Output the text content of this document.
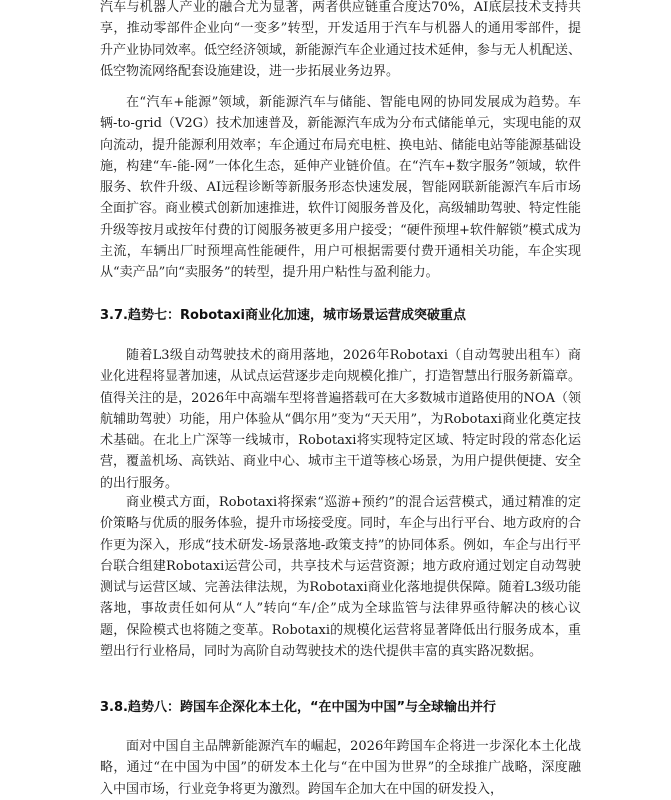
汽车与机器人产业的融合尤为显著，两者供应链重合度达70%，AI底层技术支持共享，推动零部件企业向“一变多”转型，开发适用于汽车与机器人的通用零部件，提升产业协同效率。低空经济领域，新能源汽车企业通过技术延伸，参与无人机配送、低空物流网络配套设施建设，进一步拓展业务边界。

在“汽车+能源”领域，新能源汽车与储能、智能电网的协同发展成为趋势。车辆-to-grid（V2G）技术加速普及，新能源汽车成为分布式储能单元，实现电能的双向流动，提升能源利用效率；车企通过布局充电桩、换电站、储能电站等能源基础设施，构建“车-能-网”一体化生态，延伸产业链价值。在“汽车+数字服务”领域，软件服务、软件升级、AI远程诊断等新服务形态快速发展，智能网联新能源汽车后市场全面扩容。商业模式创新加速推进，软件订阅服务普及化，高级辅助驾驶、特定性能升级等按月或按年付费的订阅服务被更多用户接受；“硬件预埋+软件解锁”模式成为主流，车辆出厂时预埋高性能硬件，用户可根据需要付费开通相关功能，车企实现从“卖产品”向“卖服务”的转型，提升用户粘性与盈利能力。

3.7.趋势七：Robotaxi商业化加速，城市场景运营成突破重点

随着L3级自动驾驶技术的商用落地，2026年Robotaxi（自动驾驶出租车）商业化进程将显著加速，从试点运营逐步走向规模化推广，打造智慧出行服务新篇章。值得关注的是，2026年中高端车型将普遍搭载可在大多数城市道路使用的NOA（领航辅助驾驶）功能，用户体验从“偶尔用”变为“天天用”，为Robotaxi商业化奠定技术基础。在北上广深等一线城市，Robotaxi将实现特定区域、特定时段的常态化运营，覆盖机场、高铁站、商业中心、城市主干道等核心场景，为用户提供便捷、安全的出行服务。

商业模式方面，Robotaxi将探索“巡游+预约”的混合运营模式，通过精准的定价策略与优质的服务体验，提升市场接受度。同时，车企与出行平台、地方政府的合作更为深入，形成“技术研发-场景落地-政策支持”的协同体系。例如，车企与出行平台联合组建Robotaxi运营公司，共享技术与运营资源；地方政府通过划定自动驾驶测试与运营区域、完善法律法规，为Robotaxi商业化落地提供保障。随着L3级功能落地，事故责任如何从“人”转向“车/企”成为全球监管与法律界亟待解决的核心议题，保险模式也将随之变革。Robotaxi的规模化运营将显著降低出行服务成本，重塑出行行业格局，同时为高阶自动驾驶技术的迭代提供丰富的真实路况数据。

3.8.趋势八：跨国车企深化本土化，“在中国为中国”与全球输出并行

面对中国自主品牌新能源汽车的崛起，2026年跨国车企将进一步深化本土化战略，通过“在中国为中国”的研发本土化与“在中国为世界”的全球推广战略，深度融入中国市场，行业竞争将更为激烈。跨国车企加大在中国的研发投入，
